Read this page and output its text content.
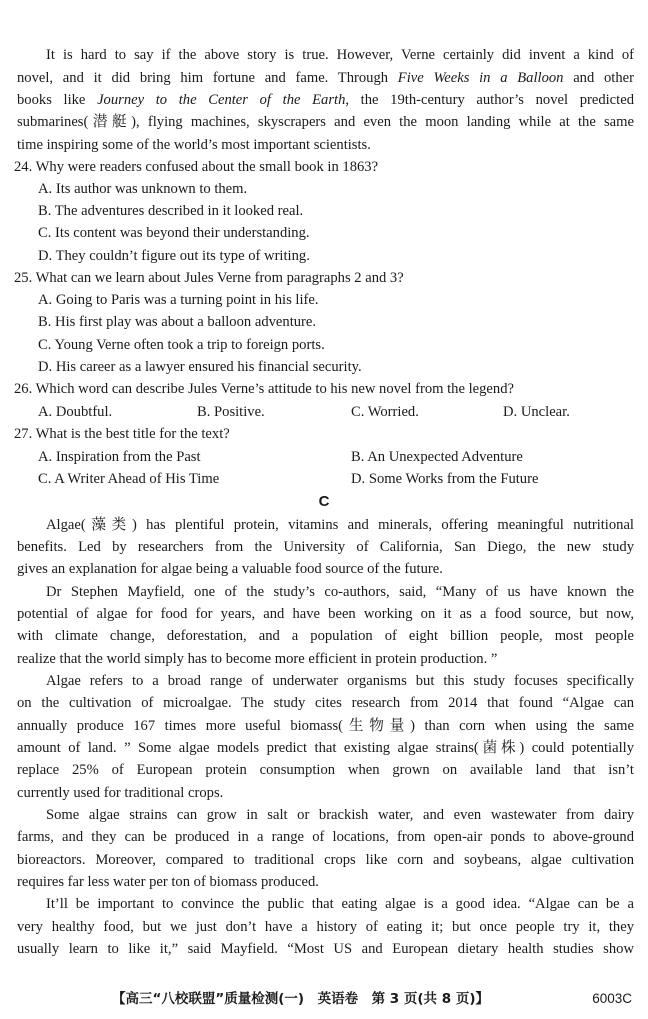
It is hard to say if the above story is true. However, Verne certainly did invent a kind of
novel, and it did bring him fortune and fame. Through Five Weeks in a Balloon and other
books like Journey to the Center of the Earth, the 19th-century author’s novel predicted
submarines(潜艇), flying machines, skyscrapers and even the moon landing while at the same
time inspiring some of the world’s most important scientists.
24. Why were readers confused about the small book in 1863?
A. Its author was unknown to them.
B. The adventures described in it looked real.
C. Its content was beyond their understanding.
D. They couldn’t figure out its type of writing.
25. What can we learn about Jules Verne from paragraphs 2 and 3?
A. Going to Paris was a turning point in his life.
B. His first play was about a balloon adventure.
C. Young Verne often took a trip to foreign ports.
D. His career as a lawyer ensured his financial security.
26. Which word can describe Jules Verne’s attitude to his new novel from the legend?
A. Doubtful.	B. Positive.	C. Worried.	D. Unclear.
27. What is the best title for the text?
A. Inspiration from the Past	B. An Unexpected Adventure
C. A Writer Ahead of His Time	D. Some Works from the Future
C
Algae(藻类) has plentiful protein, vitamins and minerals, offering meaningful nutritional
benefits. Led by researchers from the University of California, San Diego, the new study
gives an explanation for algae being a valuable food source of the future.
Dr Stephen Mayfield, one of the study’s co-authors, said, “Many of us have known the
potential of algae for food for years, and have been working on it as a food source, but now,
with climate change, deforestation, and a population of eight billion people, most people
realize that the world simply has to become more efficient in protein production. ”
Algae refers to a broad range of underwater organisms but this study focuses specifically
on the cultivation of microalgae. The study cites research from 2014 that found “Algae can
annually produce 167 times more useful biomass(生物量) than corn when using the same
amount of land. ” Some algae models predict that existing algae strains(菌株) could potentially
replace 25% of European protein consumption when grown on available land that isn’t
currently used for traditional crops.
Some algae strains can grow in salt or brackish water, and even wastewater from dairy
farms, and they can be produced in a range of locations, from open-air ponds to above-ground
bioreactors. Moreover, compared to traditional crops like corn and soybeans, algae cultivation
requires far less water per ton of biomass produced.
It’ll be important to convince the public that eating algae is a good idea. “Algae can be a
very healthy food, but we just don’t have a history of eating it; but once people try it, they
usually learn to like it,” said Mayfield. “Most US and European dietary health studies show
【高三“八校联盟”质量检测(一)　英语卷　第 3 页(共 8 页)】	6003C
